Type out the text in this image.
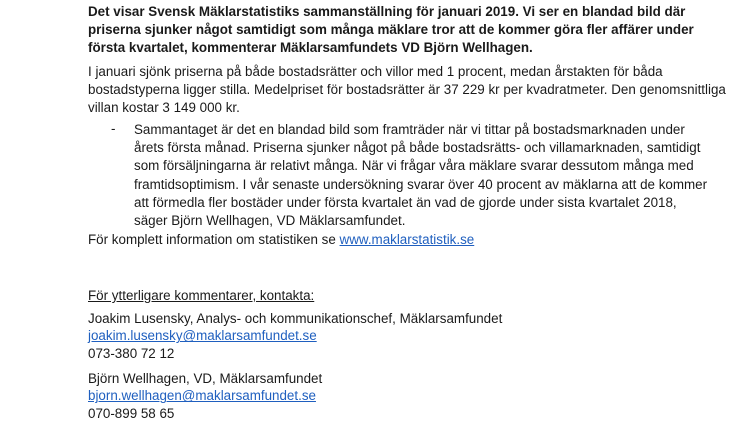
Det visar Svensk Mäklarstatistiks sammanställning för januari 2019. Vi ser en blandad bild där priserna sjunker något samtidigt som många mäklare tror att de kommer göra fler affärer under första kvartalet, kommenterar Mäklarsamfundets VD Björn Wellhagen.

I januari sjönk priserna på både bostadsrätter och villor med 1 procent, medan årstakten för båda bostadstyperna ligger stilla. Medelpriset för bostadsrätter är 37 229 kr per kvadratmeter. Den genomsnittliga villan kostar 3 149 000 kr.

- Sammantaget är det en blandad bild som framträder när vi tittar på bostadsmarknaden under årets första månad. Priserna sjunker något på både bostadsrätts- och villamarknaden, samtidigt som försäljningarna är relativt många. När vi frågar våra mäklare svarar dessutom många med framtidsoptimism. I vår senaste undersökning svarar över 40 procent av mäklarna att de kommer att förmedla fler bostäder under första kvartalet än vad de gjorde under sista kvartalet 2018, säger Björn Wellhagen, VD Mäklarsamfundet.

För komplett information om statistiken se www.maklarstatistik.se

För ytterligare kommentarer, kontakta:

Joakim Lusensky, Analys- och kommunikationschef, Mäklarsamfundet
joakim.lusensky@maklarsamfundet.se
073-380 72 12
Björn Wellhagen, VD, Mäklarsamfundet
bjorn.wellhagen@maklarsamfundet.se
070-899 58 65
